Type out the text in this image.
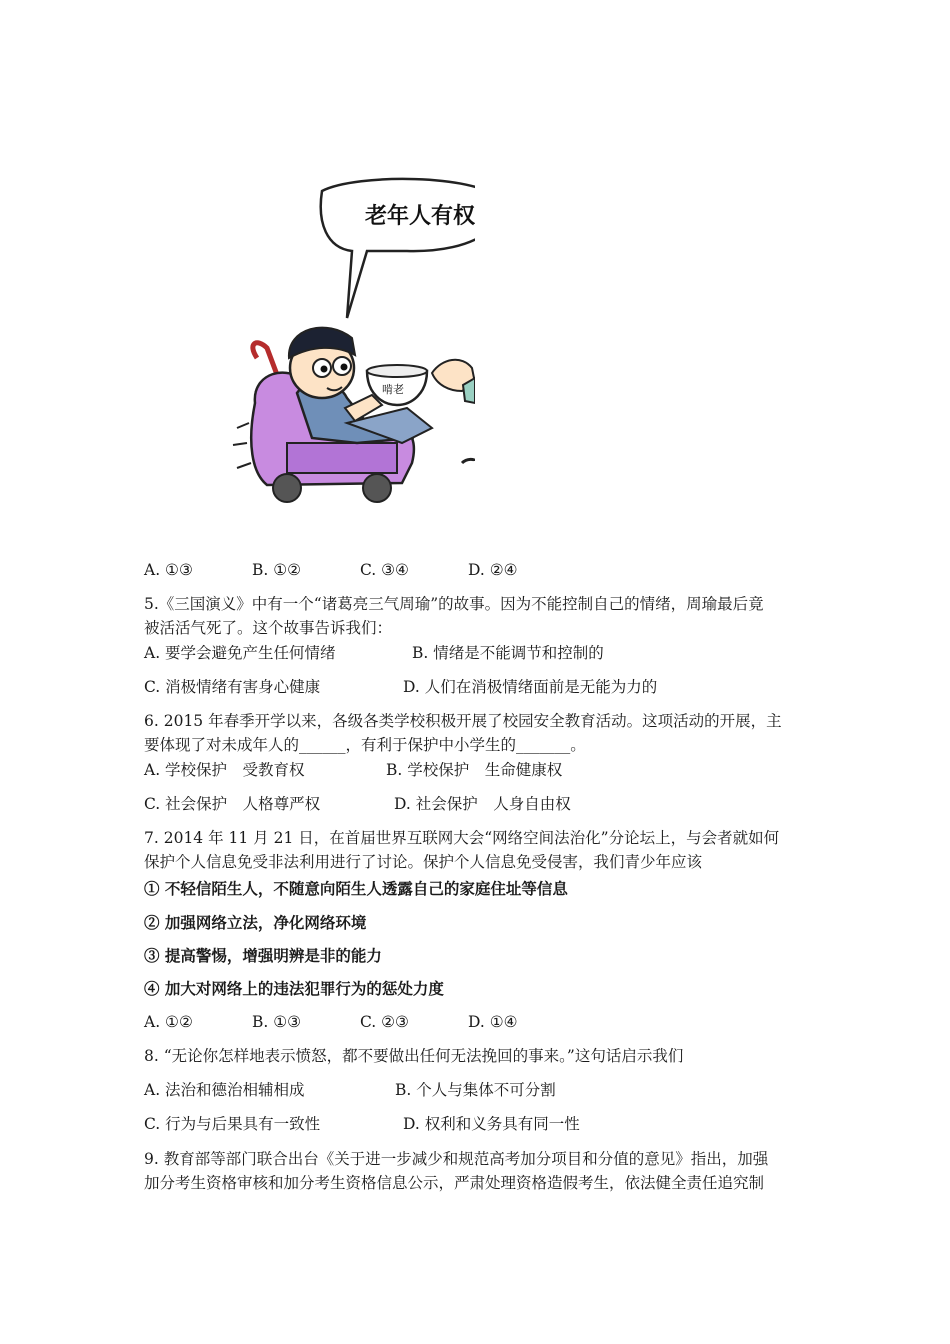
老年人有权
啃老
A. ①③	B. ①②	C. ③④	D. ②④
5.《三国演义》中有一个“诸葛亮三气周瑜”的故事。因为不能控制自己的情绪，周瑜最后竟
被活活气死了。这个故事告诉我们：
A. 要学会避免产生任何情绪	B. 情绪是不能调节和控制的
C. 消极情绪有害身心健康	D. 人们在消极情绪面前是无能为力的
6. 2015 年春季开学以来，各级各类学校积极开展了校园安全教育活动。这项活动的开展，主
要体现了对未成年人的______，有利于保护中小学生的_______。
A. 学校保护　受教育权	B. 学校保护　生命健康权
C. 社会保护　人格尊严权	D. 社会保护　人身自由权
7. 2014 年 11 月 21 日，在首届世界互联网大会“网络空间法治化”分论坛上，与会者就如何
保护个人信息免受非法利用进行了讨论。保护个人信息免受侵害，我们青少年应该
① 不轻信陌生人，不随意向陌生人透露自己的家庭住址等信息
② 加强网络立法，净化网络环境
③ 提高警惕，增强明辨是非的能力
④ 加大对网络上的违法犯罪行为的惩处力度
A. ①②	B. ①③	C. ②③	D. ①④
8. “无论你怎样地表示愤怒，都不要做出任何无法挽回的事来。”这句话启示我们
A. 法治和德治相辅相成	B. 个人与集体不可分割
C. 行为与后果具有一致性	D. 权利和义务具有同一性
9. 教育部等部门联合出台《关于进一步减少和规范高考加分项目和分值的意见》指出，加强
加分考生资格审核和加分考生资格信息公示，严肃处理资格造假考生，依法健全责任追究制
